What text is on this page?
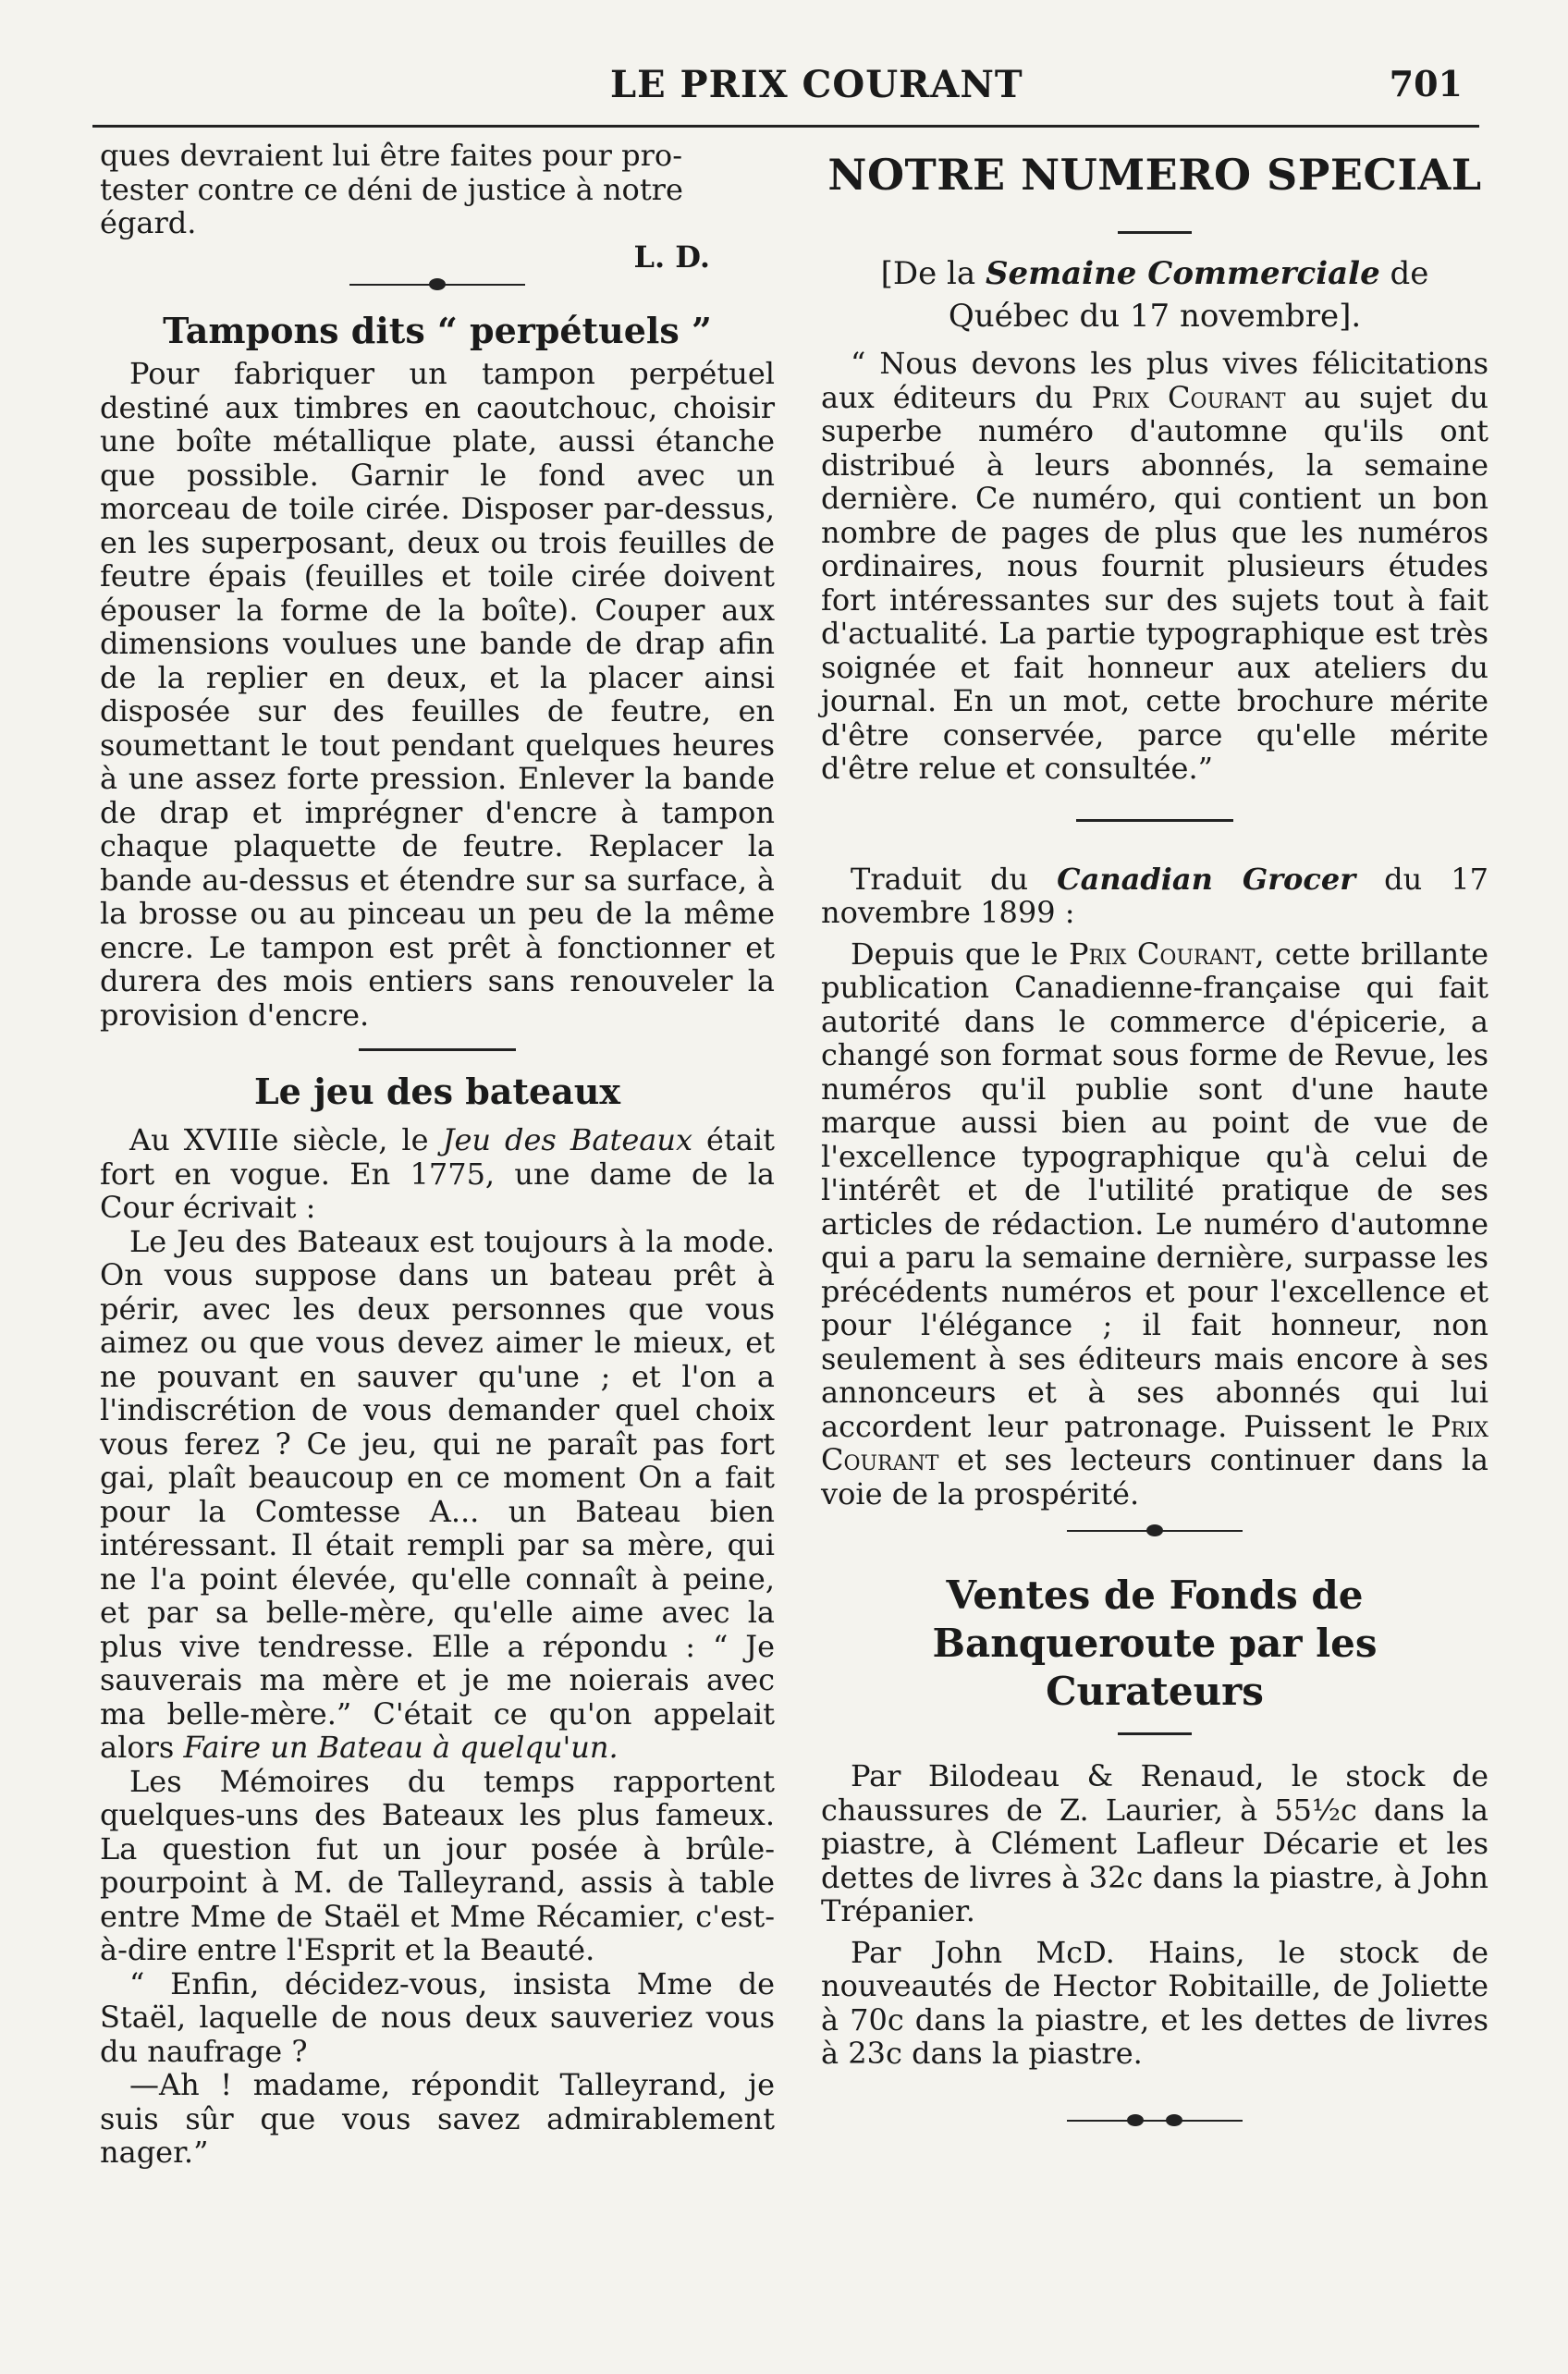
LE PRIX COURANT	701

ques devraient lui être faites pour pro-

tester contre ce déni de justice à notre

égard.

L. D.

Tampons dits “ perpétuels ”

Pour fabriquer un tampon perpétuel destiné aux timbres en caoutchouc, choisir une boîte métallique plate, aussi étanche que possible. Garnir le fond avec un morceau de toile cirée. Disposer par-dessus, en les superposant, deux ou trois feuilles de feutre épais (feuilles et toile cirée doivent épouser la forme de la boîte). Couper aux dimensions voulues une bande de drap afin de la replier en deux, et la placer ainsi disposée sur des feuilles de feutre, en soumettant le tout pendant quelques heures à une assez forte pression. Enlever la bande de drap et imprégner d'encre à tampon chaque plaquette de feutre. Replacer la bande au-dessus et étendre sur sa surface, à la brosse ou au pinceau un peu de la même encre. Le tampon est prêt à fonctionner et durera des mois entiers sans renouveler la provision d'encre.

Le jeu des bateaux

Au XVIIIe siècle, le Jeu des Bateaux était fort en vogue. En 1775, une dame de la Cour écrivait :

Le Jeu des Bateaux est toujours à la mode. On vous suppose dans un bateau prêt à périr, avec les deux personnes que vous aimez ou que vous devez aimer le mieux, et ne pouvant en sauver qu'une ; et l'on a l'indiscrétion de vous demander quel choix vous ferez ? Ce jeu, qui ne paraît pas fort gai, plaît beaucoup en ce moment On a fait pour la Comtesse A... un Bateau bien intéressant. Il était rempli par sa mère, qui ne l'a point élevée, qu'elle connaît à peine, et par sa belle-mère, qu'elle aime avec la plus vive tendresse. Elle a répondu : “ Je sauverais ma mère et je me noierais avec ma belle-mère.” C'était ce qu'on appelait alors Faire un Bateau à quelqu'un.

Les Mémoires du temps rapportent quelques-uns des Bateaux les plus fameux. La question fut un jour posée à brûle-pourpoint à M. de Talleyrand, assis à table entre Mme de Staël et Mme Récamier, c'est-à-dire entre l'Esprit et la Beauté.

“ Enfin, décidez-vous, insista Mme de Staël, laquelle de nous deux sauveriez vous du naufrage ?

—Ah ! madame, répondit Talleyrand, je suis sûr que vous savez admirablement nager.”

NOTRE NUMERO SPECIAL

[De la Semaine Commerciale de Québec du 17 novembre].

“ Nous devons les plus vives félicitations aux éditeurs du Prix Courant au sujet du superbe numéro d'automne qu'ils ont distribué à leurs abonnés, la semaine dernière. Ce numéro, qui contient un bon nombre de pages de plus que les numéros ordinaires, nous fournit plusieurs études fort intéressantes sur des sujets tout à fait d'actualité. La partie typographique est très soignée et fait honneur aux ateliers du journal. En un mot, cette brochure mérite d'être conservée, parce qu'elle mérite d'être relue et consultée.”

Traduit du Canadian Grocer du 17 novembre 1899 :

Depuis que le Prix Courant, cette brillante publication Canadienne-française qui fait autorité dans le commerce d'épicerie, a changé son format sous forme de Revue, les numéros qu'il publie sont d'une haute marque aussi bien au point de vue de l'excellence typographique qu'à celui de l'intérêt et de l'utilité pratique de ses articles de rédaction. Le numéro d'automne qui a paru la semaine dernière, surpasse les précédents numéros et pour l'excellence et pour l'élégance ; il fait honneur, non seulement à ses éditeurs mais encore à ses annonceurs et à ses abonnés qui lui accordent leur patronage. Puissent le Prix Courant et ses lecteurs continuer dans la voie de la prospérité.

Ventes de Fonds de Banqueroute par les Curateurs

Par Bilodeau & Renaud, le stock de chaussures de Z. Laurier, à 55½c dans la piastre, à Clément Lafleur Décarie et les dettes de livres à 32c dans la piastre, à John Trépanier.

Par John McD. Hains, le stock de nouveautés de Hector Robitaille, de Joliette à 70c dans la piastre, et les dettes de livres à 23c dans la piastre.
